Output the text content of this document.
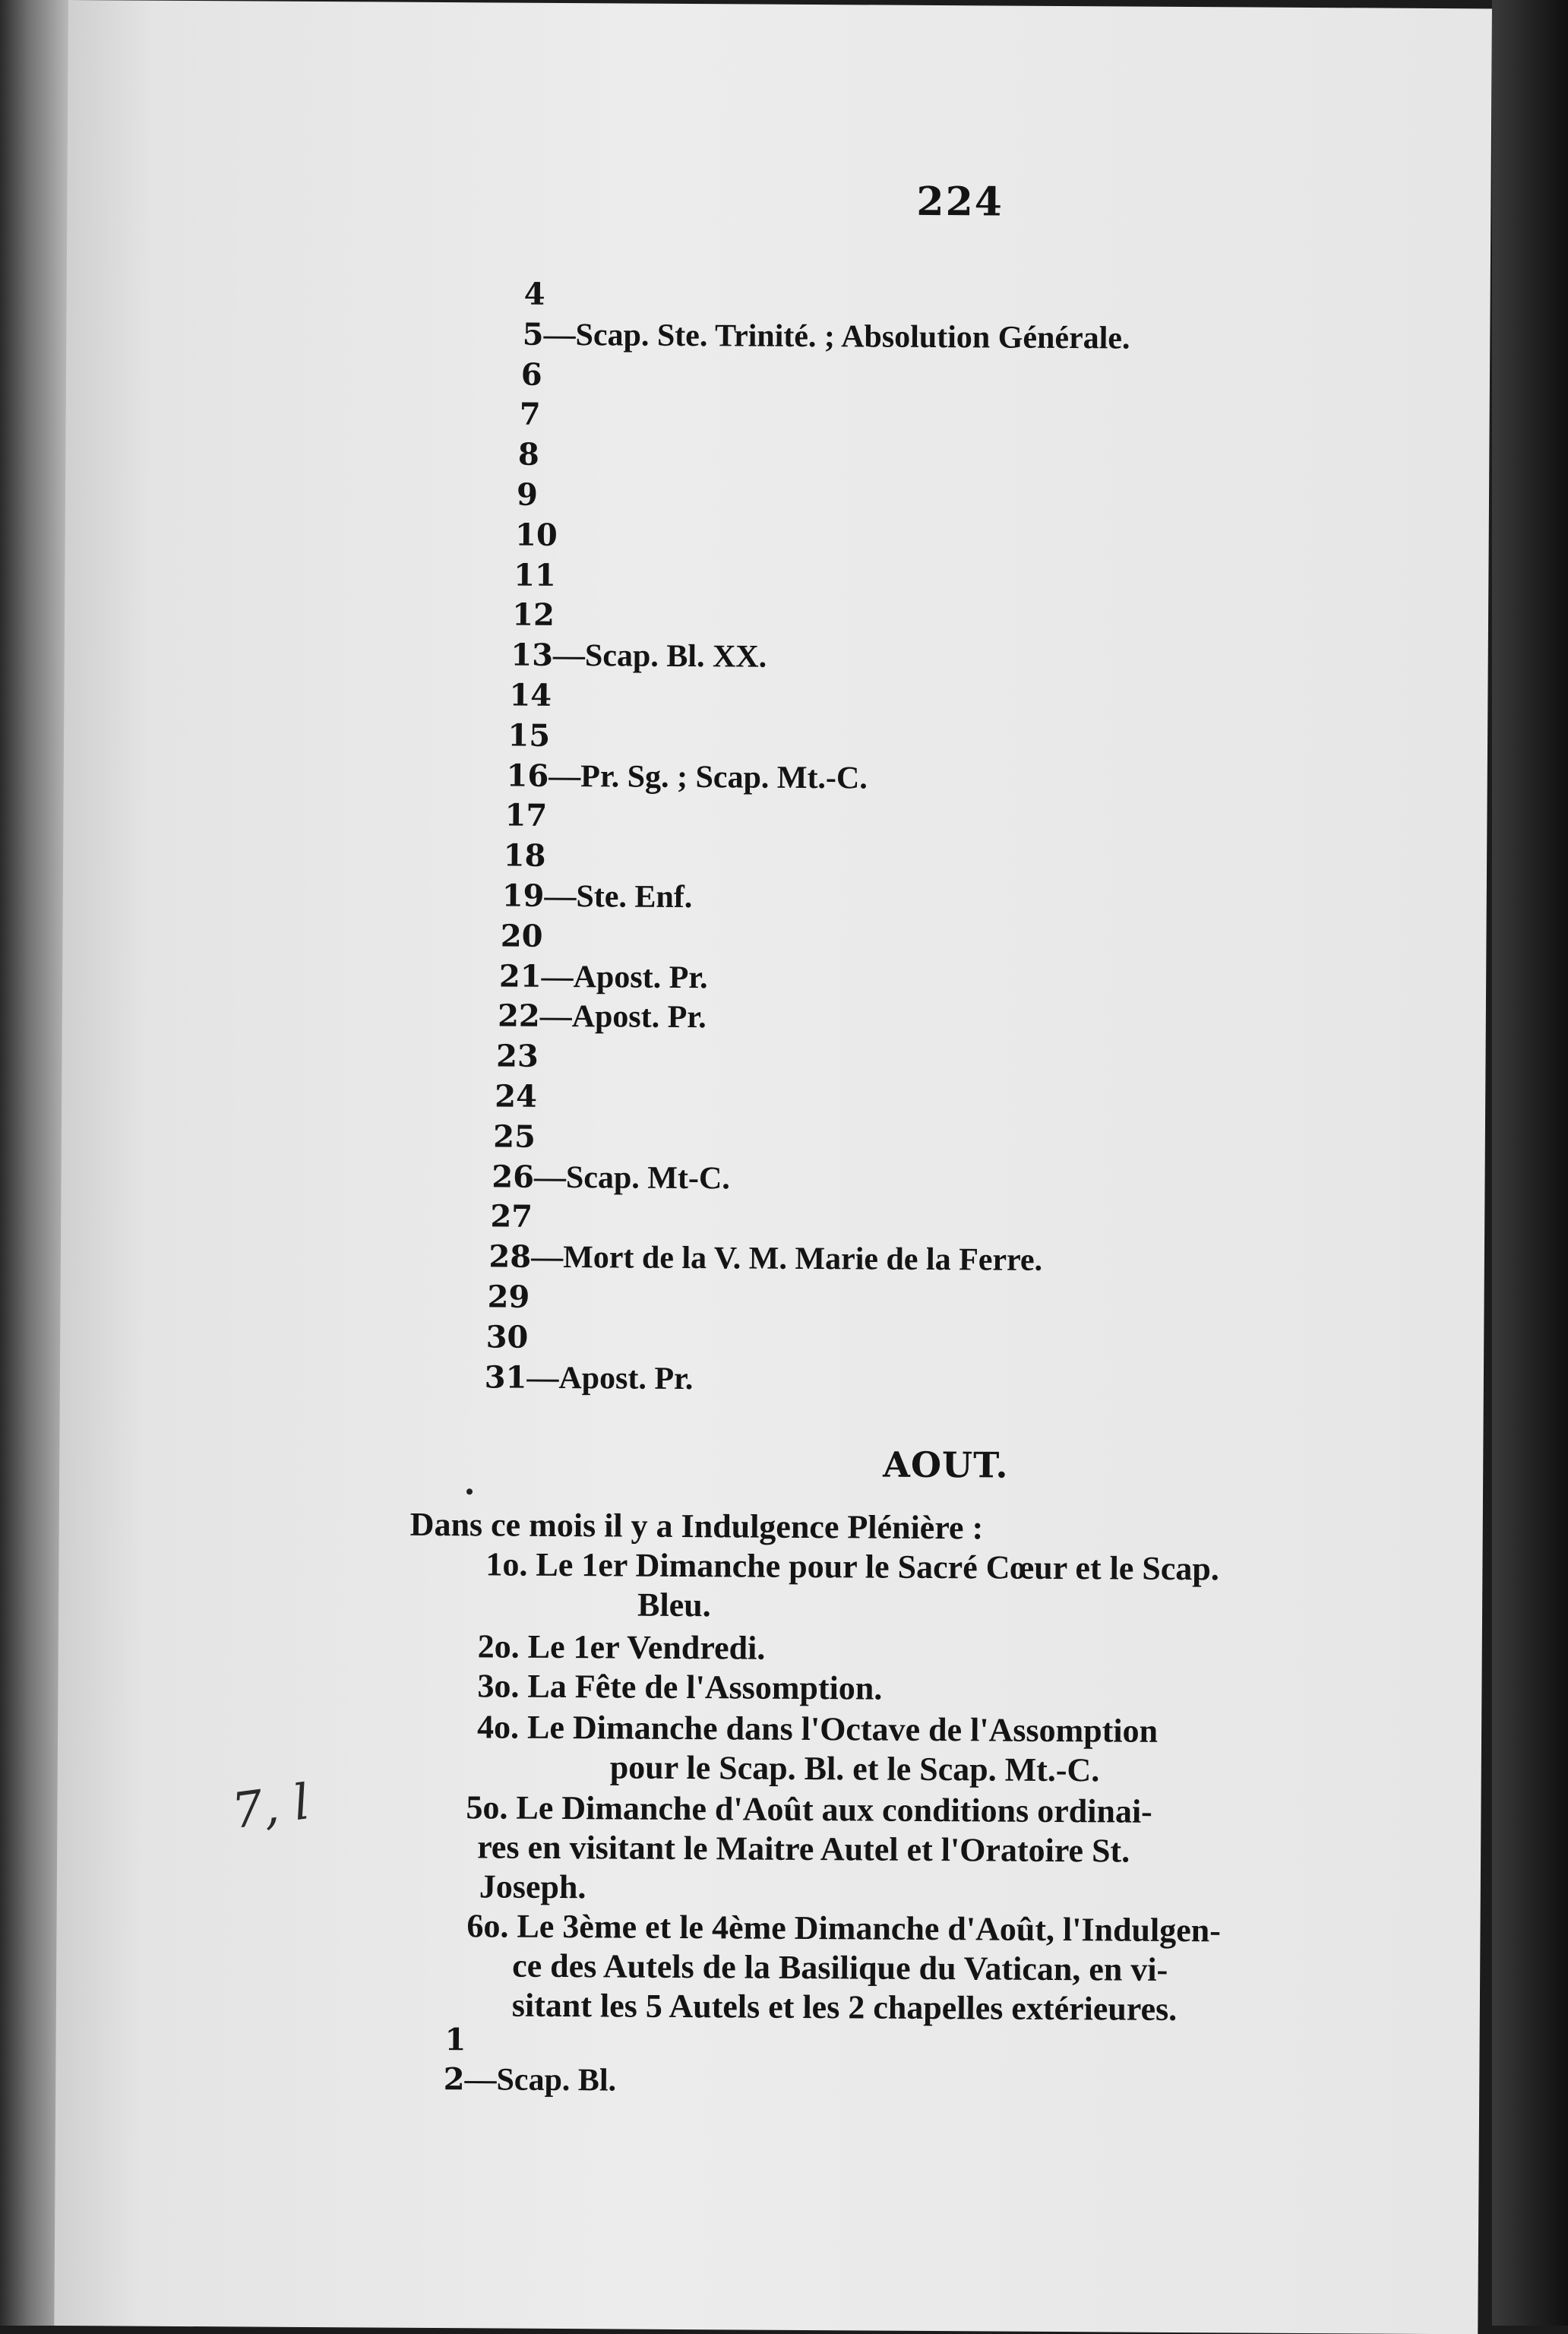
224
4
5—Scap. Ste. Trinité. ; Absolution Générale.
6
7
8
9
10
11
12
13—Scap. Bl. XX.
14
15
16—Pr. Sg. ; Scap. Mt.-C.
17
18
19—Ste. Enf.
20
21—Apost. Pr.
22—Apost. Pr.
23
24
25
26—Scap. Mt-C.
27
28—Mort de la V. M. Marie de la Ferre.
29
30
31—Apost. Pr.
AOUT.
Dans ce mois il y a Indulgence Plénière :
1o. Le 1er Dimanche pour le Sacré Cœur et le Scap.
Bleu.
2o. Le 1er Vendredi.
3o. La Fête de l'Assomption.
4o. Le Dimanche dans l'Octave de l'Assomption
pour le Scap. Bl. et le Scap. Mt.-C.
5o. Le Dimanche d'Août aux conditions ordinai-
res en visitant le Maitre Autel et l'Oratoire St.
Joseph.
6o. Le 3ème et le 4ème Dimanche d'Août, l'Indulgen-
ce des Autels de la Basilique du Vatican, en vi-
sitant les 5 Autels et les 2 chapelles extérieures.
1
2—Scap. Bl.
7, l
